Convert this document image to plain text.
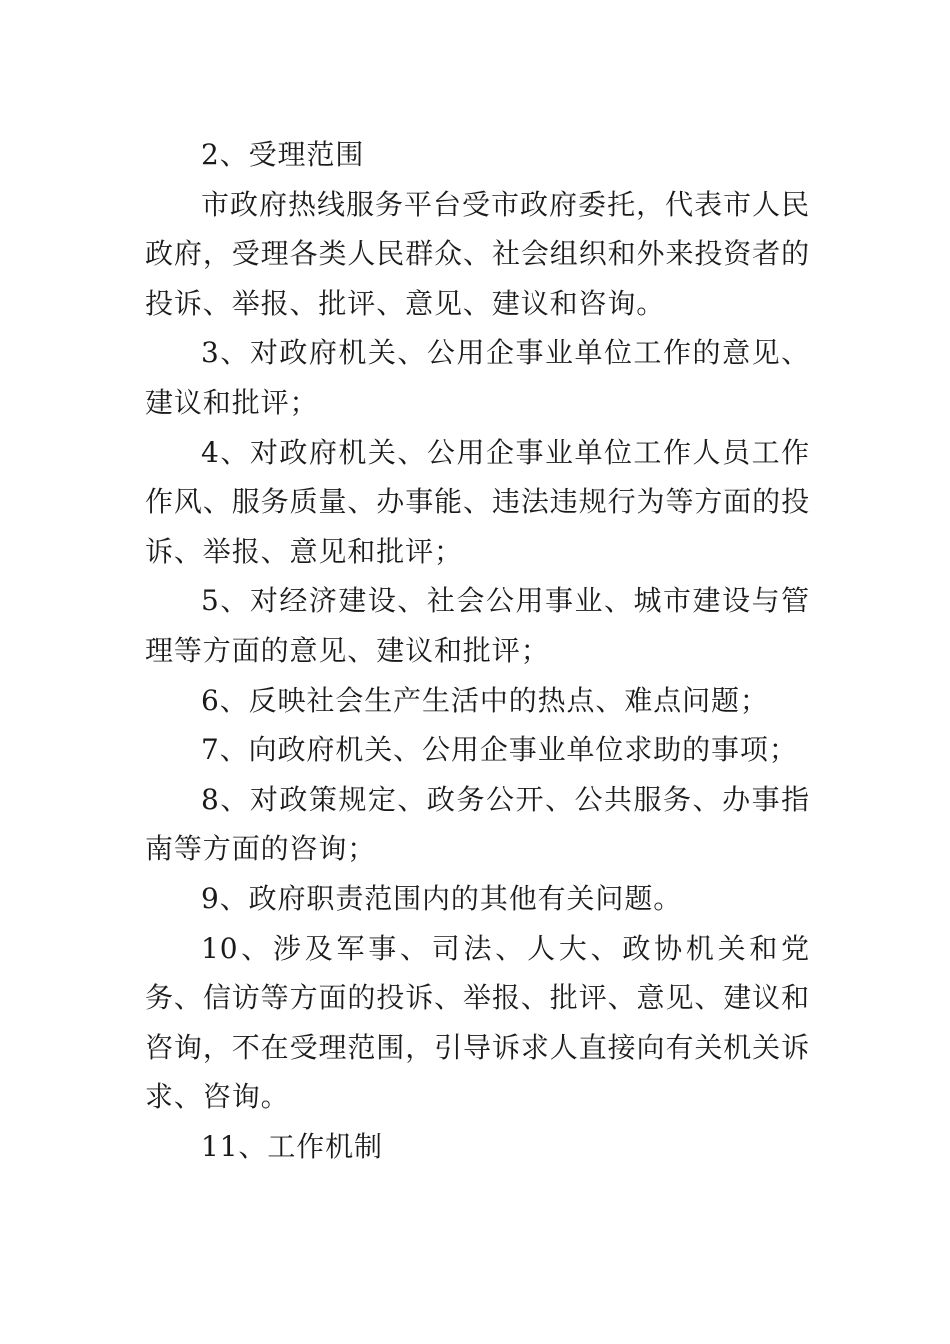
2、受理范围

市政府热线服务平台受市政府委托，代表市人民政府，受理各类人民群众、社会组织和外来投资者的投诉、举报、批评、意见、建议和咨询。

3、对政府机关、公用企事业单位工作的意见、建议和批评；

4、对政府机关、公用企事业单位工作人员工作作风、服务质量、办事能、违法违规行为等方面的投诉、举报、意见和批评；

5、对经济建设、社会公用事业、城市建设与管理等方面的意见、建议和批评；

6、反映社会生产生活中的热点、难点问题；

7、向政府机关、公用企事业单位求助的事项；

8、对政策规定、政务公开、公共服务、办事指南等方面的咨询；

9、政府职责范围内的其他有关问题。

10、涉及军事、司法、人大、政协机关和党务、信访等方面的投诉、举报、批评、意见、建议和咨询，不在受理范围，引导诉求人直接向有关机关诉求、咨询。

11、工作机制
